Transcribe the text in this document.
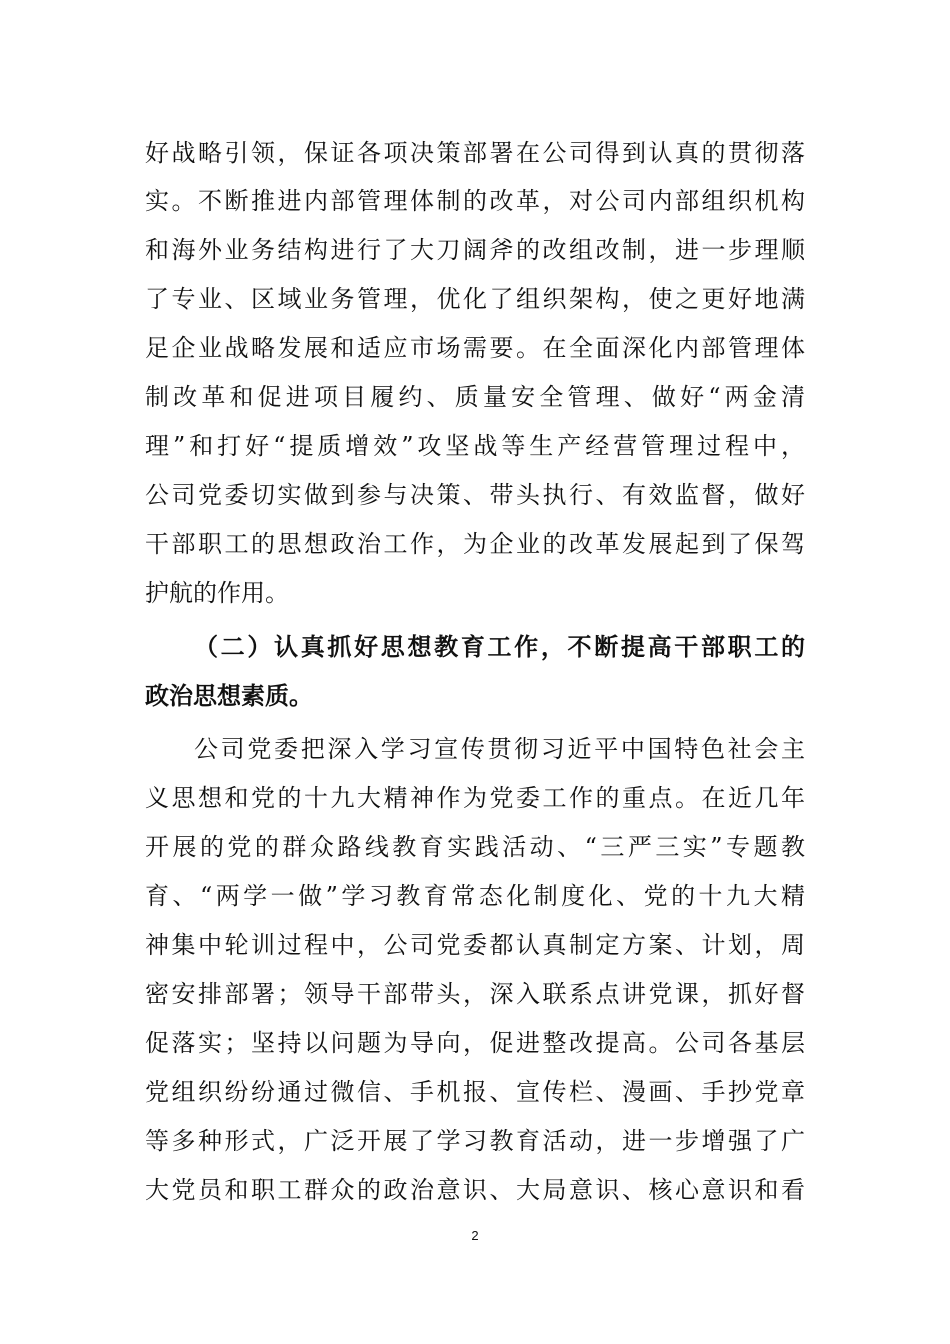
好战略引领，保证各项决策部署在公司得到认真的贯彻落
实。不断推进内部管理体制的改革，对公司内部组织机构
和海外业务结构进行了大刀阔斧的改组改制，进一步理顺
了专业、区域业务管理，优化了组织架构，使之更好地满
足企业战略发展和适应市场需要。在全面深化内部管理体
制改革和促进项目履约、质量安全管理、做好“两金清
理”和打好“提质增效”攻坚战等生产经营管理过程中，
公司党委切实做到参与决策、带头执行、有效监督，做好
干部职工的思想政治工作，为企业的改革发展起到了保驾
护航的作用。
（二）认真抓好思想教育工作，不断提高干部职工的
政治思想素质。
公司党委把深入学习宣传贯彻习近平中国特色社会主
义思想和党的十九大精神作为党委工作的重点。在近几年
开展的党的群众路线教育实践活动、“三严三实”专题教
育、“两学一做”学习教育常态化制度化、党的十九大精
神集中轮训过程中，公司党委都认真制定方案、计划，周
密安排部署；领导干部带头，深入联系点讲党课，抓好督
促落实；坚持以问题为导向，促进整改提高。公司各基层
党组织纷纷通过微信、手机报、宣传栏、漫画、手抄党章
等多种形式，广泛开展了学习教育活动，进一步增强了广
大党员和职工群众的政治意识、大局意识、核心意识和看
2
